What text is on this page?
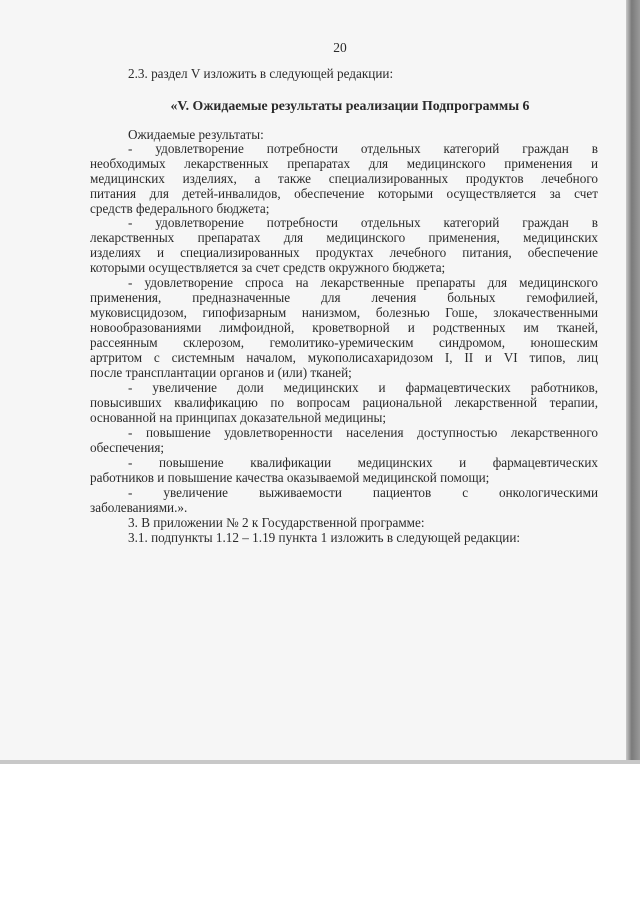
20
2.3. раздел V изложить в следующей редакции:
«V. Ожидаемые результаты реализации Подпрограммы 6
Ожидаемые результаты:
- удовлетворение потребности отдельных категорий граждан в
необходимых лекарственных препаратах для медицинского применения и
медицинских изделиях, а также специализированных продуктов лечебного
питания для детей-инвалидов, обеспечение которыми осуществляется за счет
средств федерального бюджета;
- удовлетворение потребности отдельных категорий граждан в
лекарственных препаратах для медицинского применения, медицинских
изделиях и специализированных продуктах лечебного питания, обеспечение
которыми осуществляется за счет средств окружного бюджета;
- удовлетворение спроса на лекарственные препараты для медицинского
применения, предназначенные для лечения больных гемофилией,
муковисцидозом, гипофизарным нанизмом, болезнью Гоше, злокачественными
новообразованиями лимфоидной, кроветворной и родственных им тканей,
рассеянным склерозом, гемолитико-уремическим синдромом, юношеским
артритом с системным началом, мукополисахаридозом I, II и VI типов, лиц
после трансплантации органов и (или) тканей;
- увеличение доли медицинских и фармацевтических работников,
повысивших квалификацию по вопросам рациональной лекарственной терапии,
основанной на принципах доказательной медицины;
- повышение удовлетворенности населения доступностью лекарственного
обеспечения;
- повышение квалификации медицинских и фармацевтических
работников и повышение качества оказываемой медицинской помощи;
- увеличение выживаемости пациентов с онкологическими
заболеваниями.».
3. В приложении № 2 к Государственной программе:
3.1. подпункты 1.12 – 1.19 пункта 1 изложить в следующей редакции:
